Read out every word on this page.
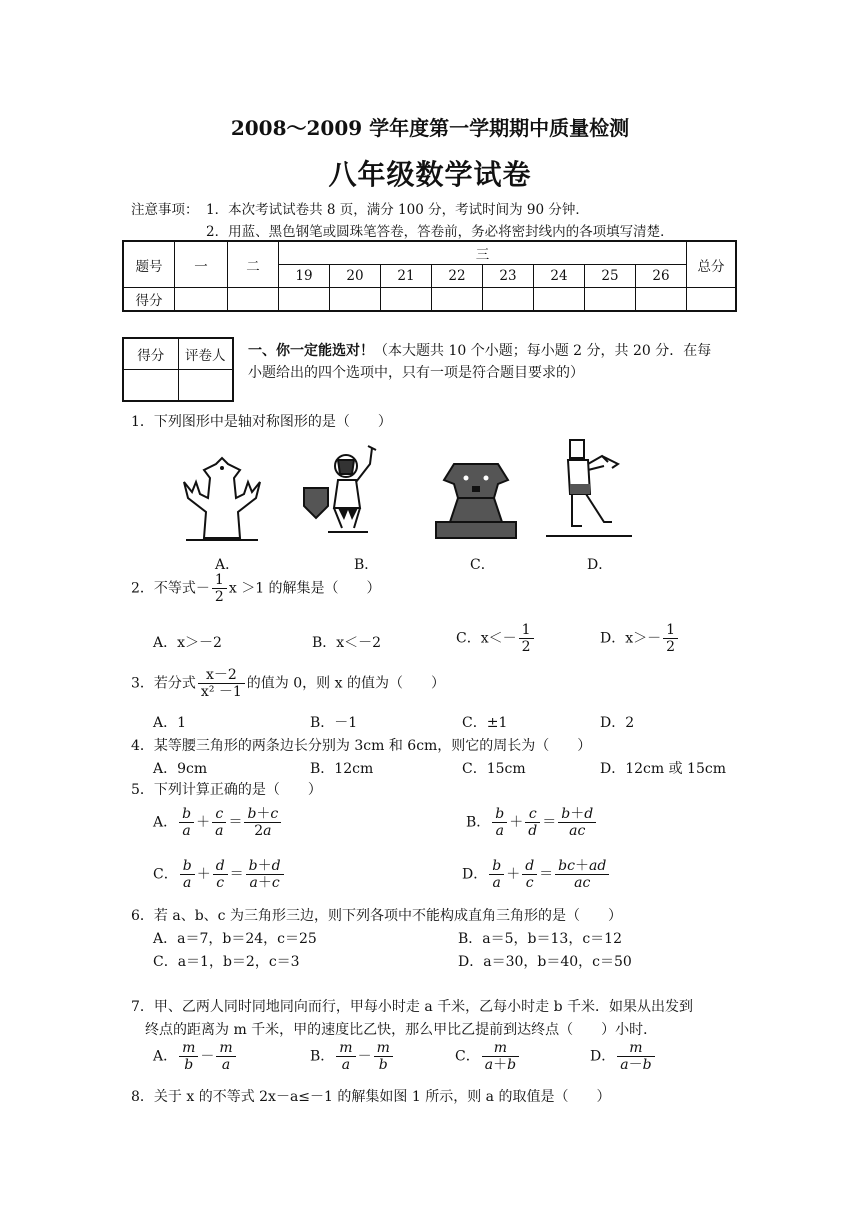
2008～2009 学年度第一学期期中质量检测
八年级数学试卷
注意事项： 1．本次考试试卷共 8 页，满分 100 分，考试时间为 90 分钟．
2．用蓝、黑色钢笔或圆珠笔答卷，答卷前，务必将密封线内的各项填写清楚．
题号	一	二	三								总分
			19	20	21	22	23	24	25	26	
得分											
得分	评卷人
	一、你一定能选对！（本大题共 10 个小题；每小题 2 分，共 20 分．在每
小题给出的四个选项中，只有一项是符合题目要求的）
1．下列图形中是轴对称图形的是（　　）
A．	B．	C．	D．
2．不等式－ $\frac{1}{2}$ x ＞1 的解集是（　　）
A．x＞－2	B．x＜－2	C．$x<- \frac{1}{2}$	D．$x>- \frac{1}{2}$
3．若分式 $\frac{x-2}{\text{x² －1}}$ 的值为 0，则 x 的值为（　　）
A．1	B．－1	C．±1	D．2
4．某等腰三角形的两条边长分别为 3cm 和 6cm，则它的周长为（　　）
A．9cm	B．12cm	C．15cm	D．12cm 或 15cm
5．下列计算正确的是（　　）
A． $\frac{b}{a} + \frac{c}{a} = \frac{b+c}{2a}$	B． $\frac{b}{a} + \frac{c}{d} = \frac{b+d}{ac}$
C． $\frac{b}{a} + \frac{d}{c} = \frac{b+d}{a+c}$	D． $\frac{b}{a} + \frac{d}{c} = \frac{bc+ad}{ac}$
6．若 a、b、c 为三角形三边，则下列各项中不能构成直角三角形的是（　　）
A．a＝7，b＝24，c＝25	B．a＝5，b＝13，c＝12
C．a＝1，b＝2，c＝3	D．a＝30，b＝40，c＝50
7．甲、乙两人同时同地同向而行，甲每小时走 a 千米，乙每小时走 b 千米．如果从出发到
终点的距离为 m 千米，甲的速度比乙快，那么甲比乙提前到达终点（　　）小时．
A． $\frac{m}{b} - \frac{m}{a}$	B． $\frac{m}{a} - \frac{m}{b}$	C． $\frac{m}{a+b}$	D． $\frac{m}{a-b}$
8．关于 x 的不等式 2x－a≤－1 的解集如图 1 所示，则 a 的取值是（　　）
